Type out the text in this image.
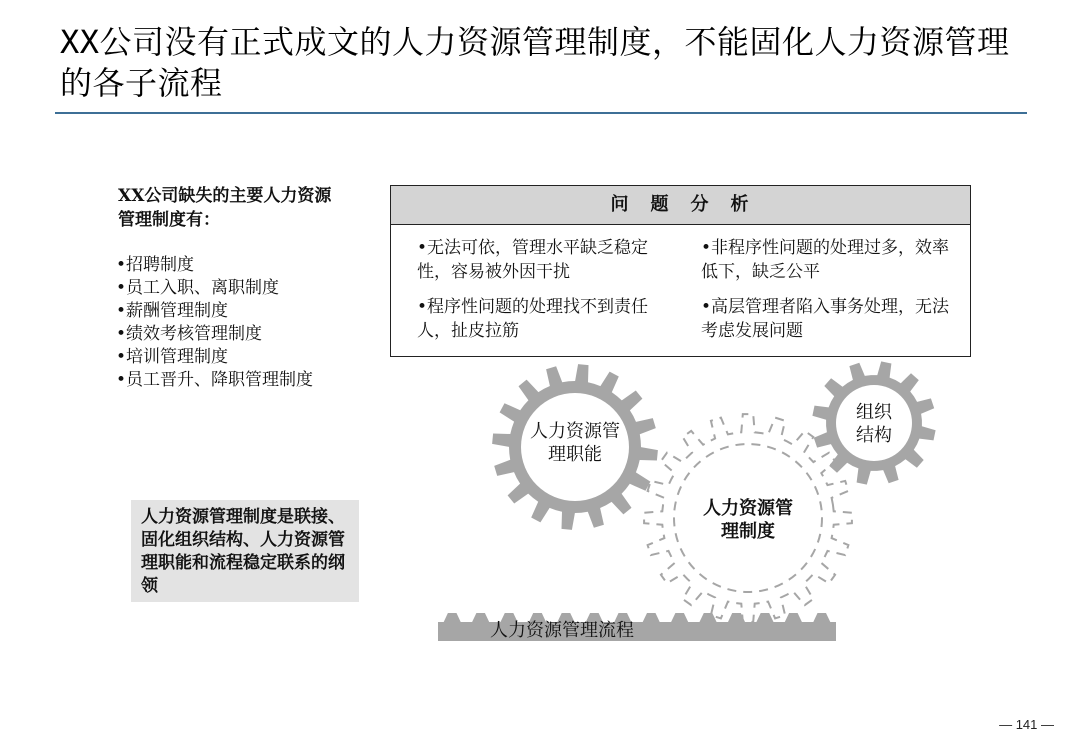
XX公司没有正式成文的人力资源管理制度，不能固化人力资源管理的各子流程
XX公司缺失的主要人力资源管理制度有：
•招聘制度
•员工入职、离职制度
•薪酬管理制度
•绩效考核管理制度
•培训管理制度
•员工晋升、降职管理制度
问　题　分　析
•无法可依，管理水平缺乏稳定性，容易被外因干扰
•非程序性问题的处理过多，效率低下，缺乏公平
•程序性问题的处理找不到责任人，扯皮拉筋
•高层管理者陷入事务处理，无法考虑发展问题
人力资源管理职能
组织结构
人力资源管理制度
人力资源管理制度是联接、固化组织结构、人力资源管理职能和流程稳定联系的纲领
人力资源管理流程
— 141 —
